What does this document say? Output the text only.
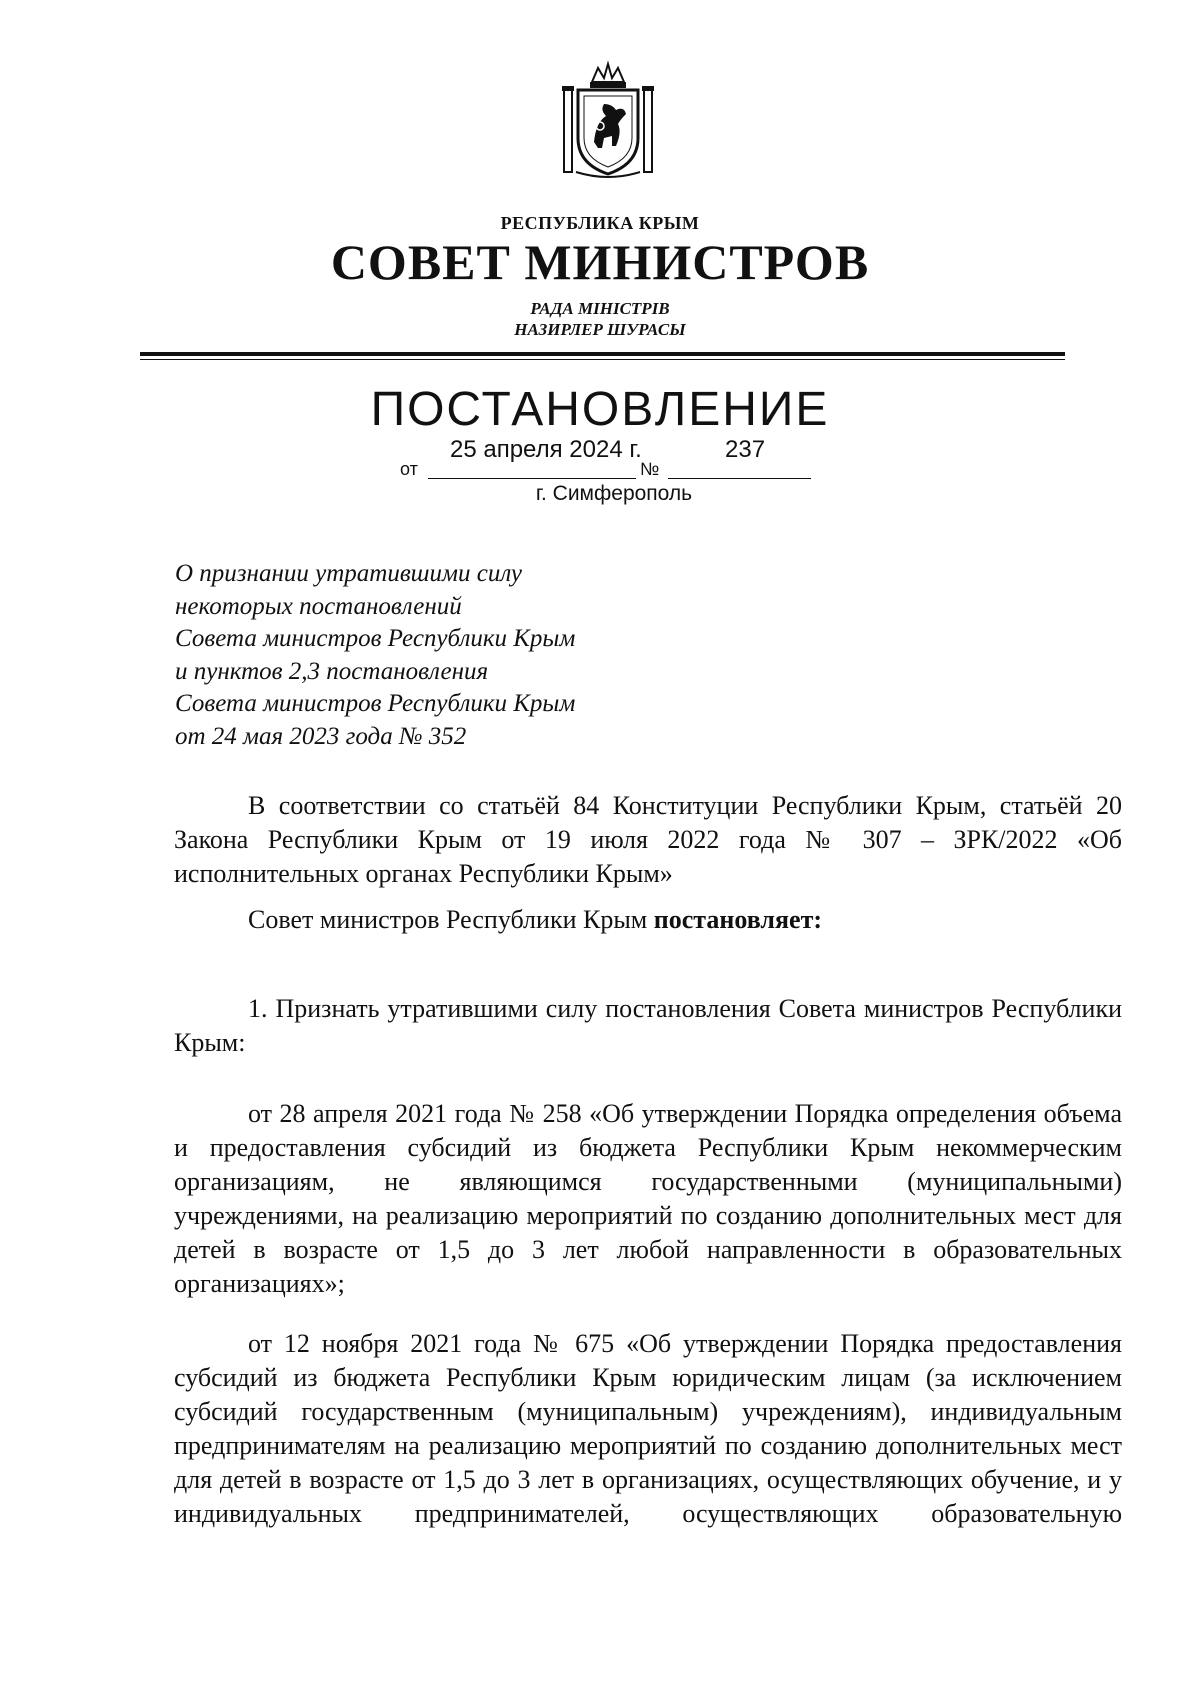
РЕСПУБЛИКА КРЫМ
СОВЕТ МИНИСТРОВ
РАДА МІНІСТРІВ
НАЗИРЛЕР ШУРАСЫ
ПОСТАНОВЛЕНИЕ
25 апреля 2024 г.	237
от	№
г. Симферополь
О признании утратившими силу
некоторых постановлений
Совета министров Республики Крым
и пунктов 2,3 постановления
Совета министров Республики Крым
от 24 мая 2023 года № 352
В соответствии со статьёй 84 Конституции Республики Крым, статьёй 20 Закона Республики Крым от 19 июля 2022 года № 307 – ЗРК/2022 «Об исполнительных органах Республики Крым»
Совет министров Республики Крым постановляет:
1. Признать утратившими силу постановления Совета министров Республики Крым:
от 28 апреля 2021 года № 258 «Об утверждении Порядка определения объема и предоставления субсидий из бюджета Республики Крым некоммерческим организациям, не являющимся государственными (муниципальными) учреждениями, на реализацию мероприятий по созданию дополнительных мест для детей в возрасте от 1,5 до 3 лет любой направленности в образовательных организациях»;
от 12 ноября 2021 года № 675 «Об утверждении Порядка предоставления субсидий из бюджета Республики Крым юридическим лицам (за исключением субсидий государственным (муниципальным) учреждениям), индивидуальным предпринимателям на реализацию мероприятий по созданию дополнительных мест для детей в возрасте от 1,5 до 3 лет в организациях, осуществляющих обучение, и у индивидуальных предпринимателей, осуществляющих образовательную
